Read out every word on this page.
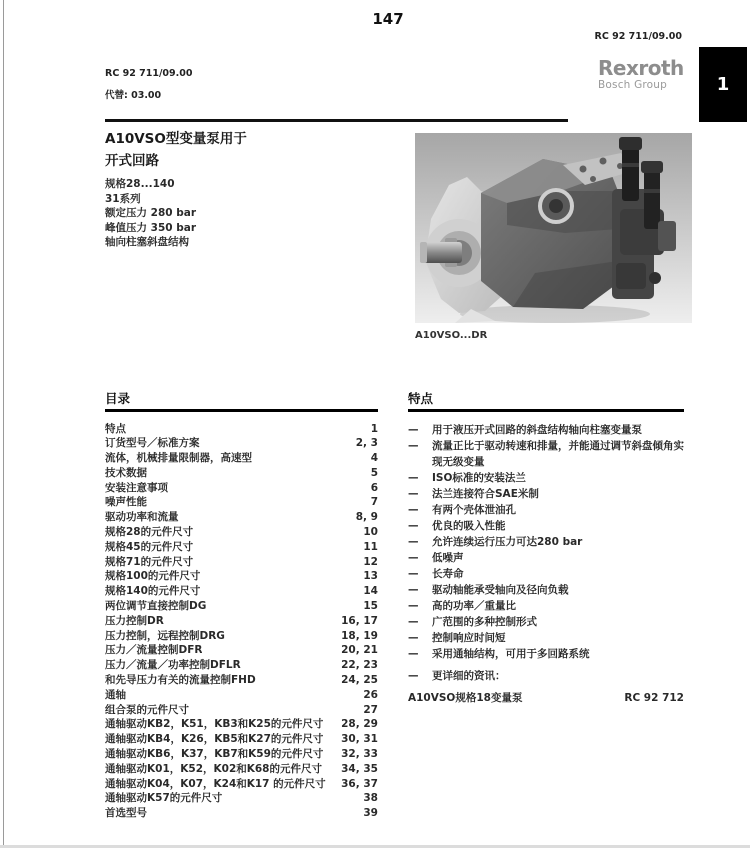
147
RC 92 711/09.00
RC 92 711/09.00
代替: 03.00
Rexroth
Bosch Group	1
A10VSO型变量泵用于
开式回路
规格28...140
31系列
额定压力 280 bar
峰值压力 350 bar
轴向柱塞斜盘结构
A10VSO...DR
目录
特点	1
订货型号／标准方案	2, 3
流体，机械排量限制器，高速型	4
技术数据	5
安装注意事项	6
噪声性能	7
驱动功率和流量	8, 9
规格28的元件尺寸	10
规格45的元件尺寸	11
规格71的元件尺寸	12
规格100的元件尺寸	13
规格140的元件尺寸	14
两位调节直接控制DG	15
压力控制DR	16, 17
压力控制，远程控制DRG	18, 19
压力／流量控制DFR	20, 21
压力／流量／功率控制DFLR	22, 23
和先导压力有关的流量控制FHD	24, 25
通轴	26
组合泵的元件尺寸	27
通轴驱动KB2，K51，KB3和K25的元件尺寸 28, 29
通轴驱动KB4，K26，KB5和K27的元件尺寸 30, 31
通轴驱动KB6，K37，KB7和K59的元件尺寸 32, 33
通轴驱动K01，K52，K02和K68的元件尺寸 34, 35
通轴驱动K04，K07，K24和K17 的元件尺寸 36, 37
通轴驱动K57的元件尺寸	38
首选型号	39
特点
—	用于液压开式回路的斜盘结构轴向柱塞变量泵
—	流量正比于驱动转速和排量，并能通过调节斜盘倾角实现无级变量
—	ISO标准的安装法兰
—	法兰连接符合SAE米制
—	有两个壳体泄油孔
—	优良的吸入性能
—	允许连续运行压力可达280 bar
—	低噪声
—	长寿命
—	驱动轴能承受轴向及径向负载
—	高的功率／重量比
—	广范围的多种控制形式
—	控制响应时间短
—	采用通轴结构，可用于多回路系统
—	更详细的资讯：
A10VSO规格18变量泵	RC 92 712
